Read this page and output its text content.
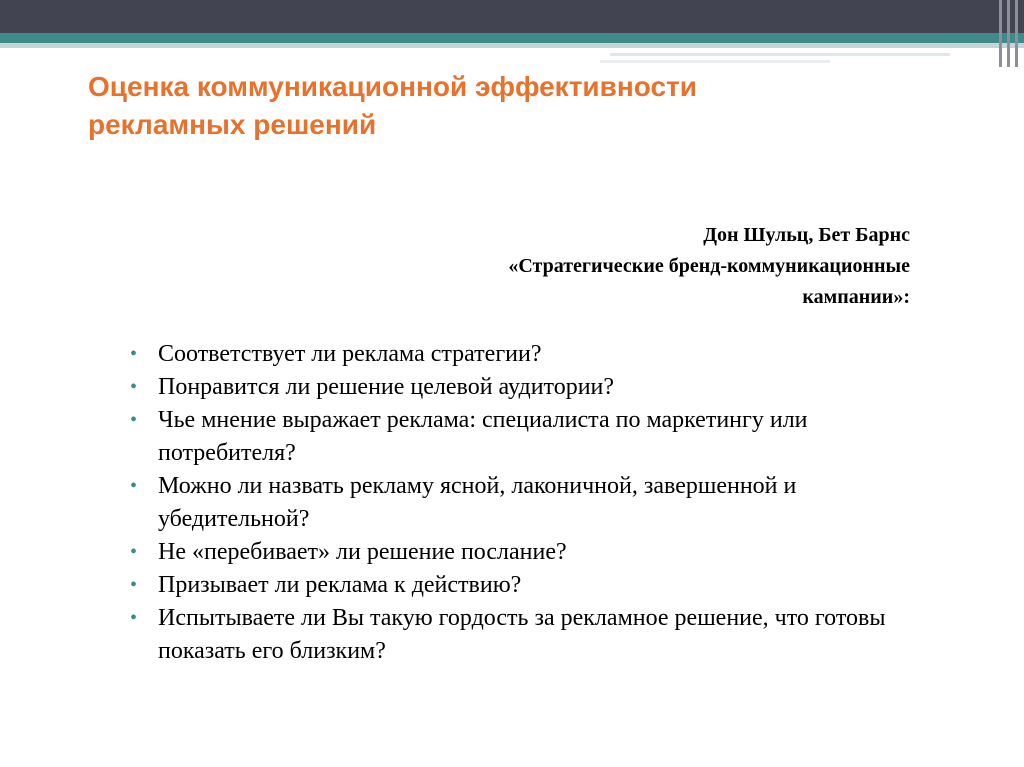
Оценка коммуникационной эффективности
рекламных решений
Дон Шульц, Бет Барнс
«Стратегические бренд-коммуникационные
кампании»:
• Соответствует ли реклама стратегии?
• Понравится ли решение целевой аудитории?
• Чье мнение выражает реклама: специалиста по маркетингу или потребителя?
• Можно ли назвать рекламу ясной, лаконичной, завершенной и убедительной?
• Не «перебивает» ли решение послание?
• Призывает ли реклама к действию?
• Испытываете ли Вы такую гордость за рекламное решение, что готовы показать его близким?
